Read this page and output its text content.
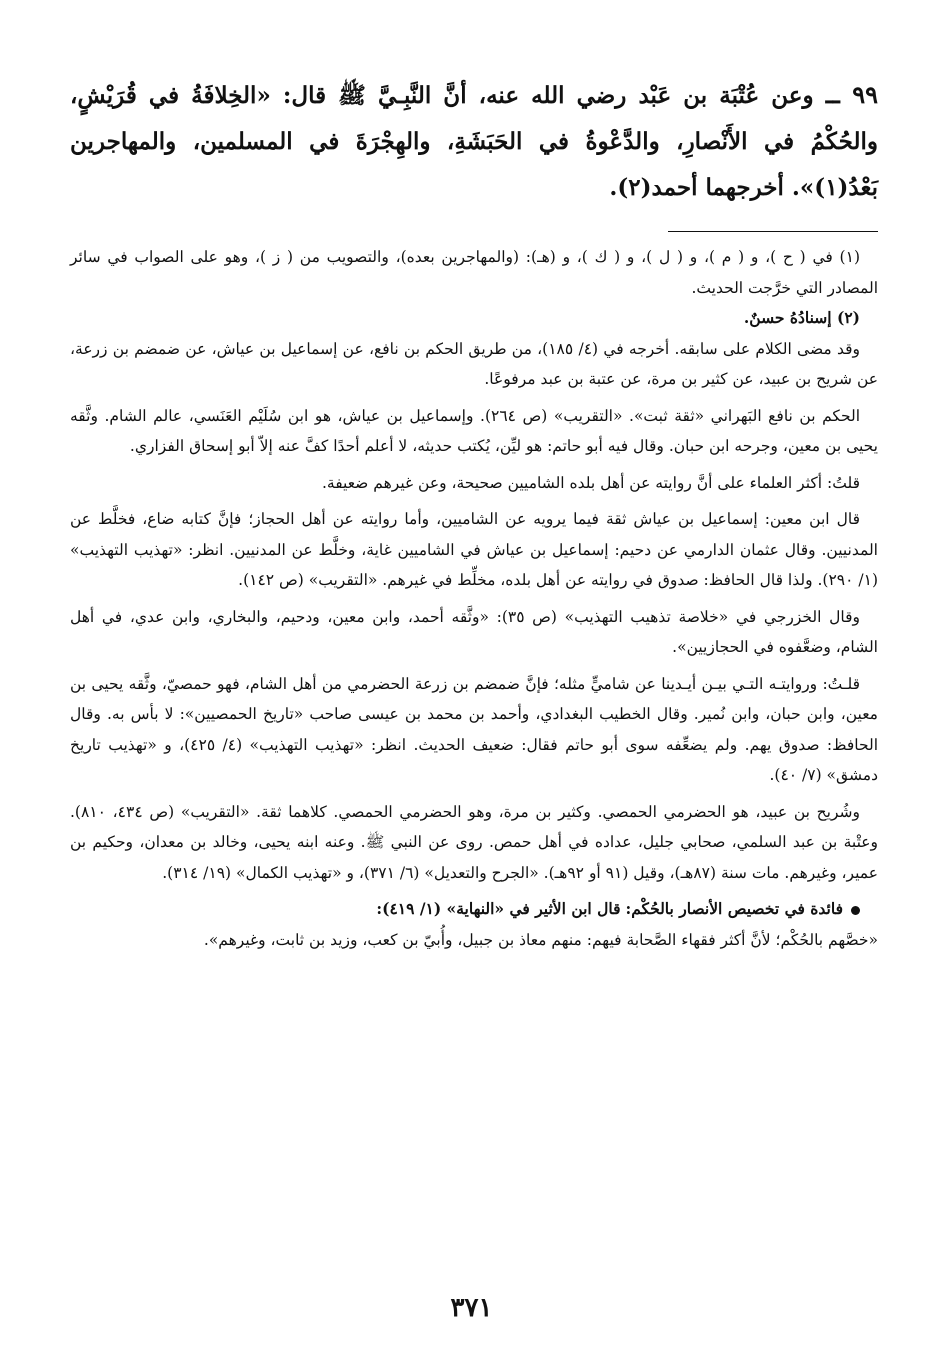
٩٩ ــ وعن عُتْبَة بن عَبْد رضي الله عنه، أنَّ النَّبِـيَّ ﷺ قال: «الخِلافَةُ في قُرَيْشٍ، والحُكْمُ في الأَنْصارِ، والدَّعْوةُ في الحَبَشَةِ، والهِجْرَةَ في المسلمين، والمهاجرين بَعْدُ(١)». أخرجهما أحمد(٢).

(١) في ( ح )، و ( م )، و ( ل )، و ( ك )، و (هـ): (والمهاجرين بعده)، والتصويب من ( ز )، وهو على الصواب في سائر المصادر التي خرَّجت الحديث.

(٢) إسنادُهُ حسنٌ.

وقد مضى الكلام على سابقه. أخرجه في (٤/ ١٨٥)، من طريق الحكم بن نافع، عن إسماعيل بن عياش، عن ضمضم بن زرعة، عن شريح بن عبيد، عن كثير بن مرة، عن عتبة بن عبد مرفوعًا.

الحكم بن نافع البَهراني «ثقة ثبت». «التقريب» (ص ٢٦٤). وإسماعيل بن عياش، هو ابن سُلَيْم العَنَسي، عالم الشام. وثَّقه يحيى بن معين، وجرحه ابن حبان. وقال فيه أبو حاتم: هو ليِّن، يُكتب حديثه، لا أعلم أحدًا كفَّ عنه إلاّ أبو إسحاق الفزاري.

قلتُ: أكثر العلماء على أنَّ روايته عن أهل بلده الشاميين صحيحة، وعن غيرهم ضعيفة.

قال ابن معين: إسماعيل بن عياش ثقة فيما يرويه عن الشاميين، وأما روايته عن أهل الحجاز؛ فإنَّ كتابه ضاع، فخلَّط عن المدنيين. وقال عثمان الدارمي عن دحيم: إسماعيل بن عياش في الشاميين غاية، وخلَّط عن المدنيين. انظر: «تهذيب التهذيب» (١/ ٢٩٠). ولذا قال الحافظ: صدوق في روايته عن أهل بلده، مخلِّط في غيرهم. «التقريب» (ص ١٤٢).

وقال الخزرجي في «خلاصة تذهيب التهذيب» (ص ٣٥): «وثَّقه أحمد، وابن معين، ودحيم، والبخاري، وابن عدي، في أهل الشام، وضعَّفوه في الحجازيين».

قلـتُ: وروايتـه التـي بيـن أيـدينا عن شاميٍّ مثله؛ فإنَّ ضمضم بن زرعة الحضرمي من أهل الشام، فهو حمصيّ، وثَّقه يحيى بن معين، وابن حبان، وابن نُمير. وقال الخطيب البغدادي، وأحمد بن محمد بن عيسى صاحب «تاريخ الحمصيين»: لا بأس به. وقال الحافظ: صدوق يهم. ولم يضعِّفه سوى أبو حاتم فقال: ضعيف الحديث. انظر: «تهذيب التهذيب» (٤/ ٤٢٥)، و «تهذيب تاريخ دمشق» (٧/ ٤٠).

وشُريح بن عبيد، هو الحضرمي الحمصي. وكثير بن مرة، وهو الحضرمي الحمصي. كلاهما ثقة. «التقريب» (ص ٤٣٤، ٨١٠). وعتْبة بن عبد السلمي، صحابي جليل، عداده في أهل حمص. روى عن النبي ﷺ. وعنه ابنه يحيى، وخالد بن معدان، وحكيم بن عمير، وغيرهم. مات سنة (٨٧هـ)، وقيل (٩١ أو ٩٢هـ). «الجرح والتعديل» (٦/ ٣٧١)، و «تهذيب الكمال» (١٩/ ٣١٤).

فائدة في تخصيص الأنصار بالحُكْم: قال ابن الأثير في «النهاية» (١/ ٤١٩):

«خصَّهم بالحُكْم؛ لأنَّ أكثر فقهاء الصَّحابة فيهم: منهم معاذ بن جبيل، وأُبيّ بن كعب، وزيد بن ثابت، وغيرهم».

٣٧١
